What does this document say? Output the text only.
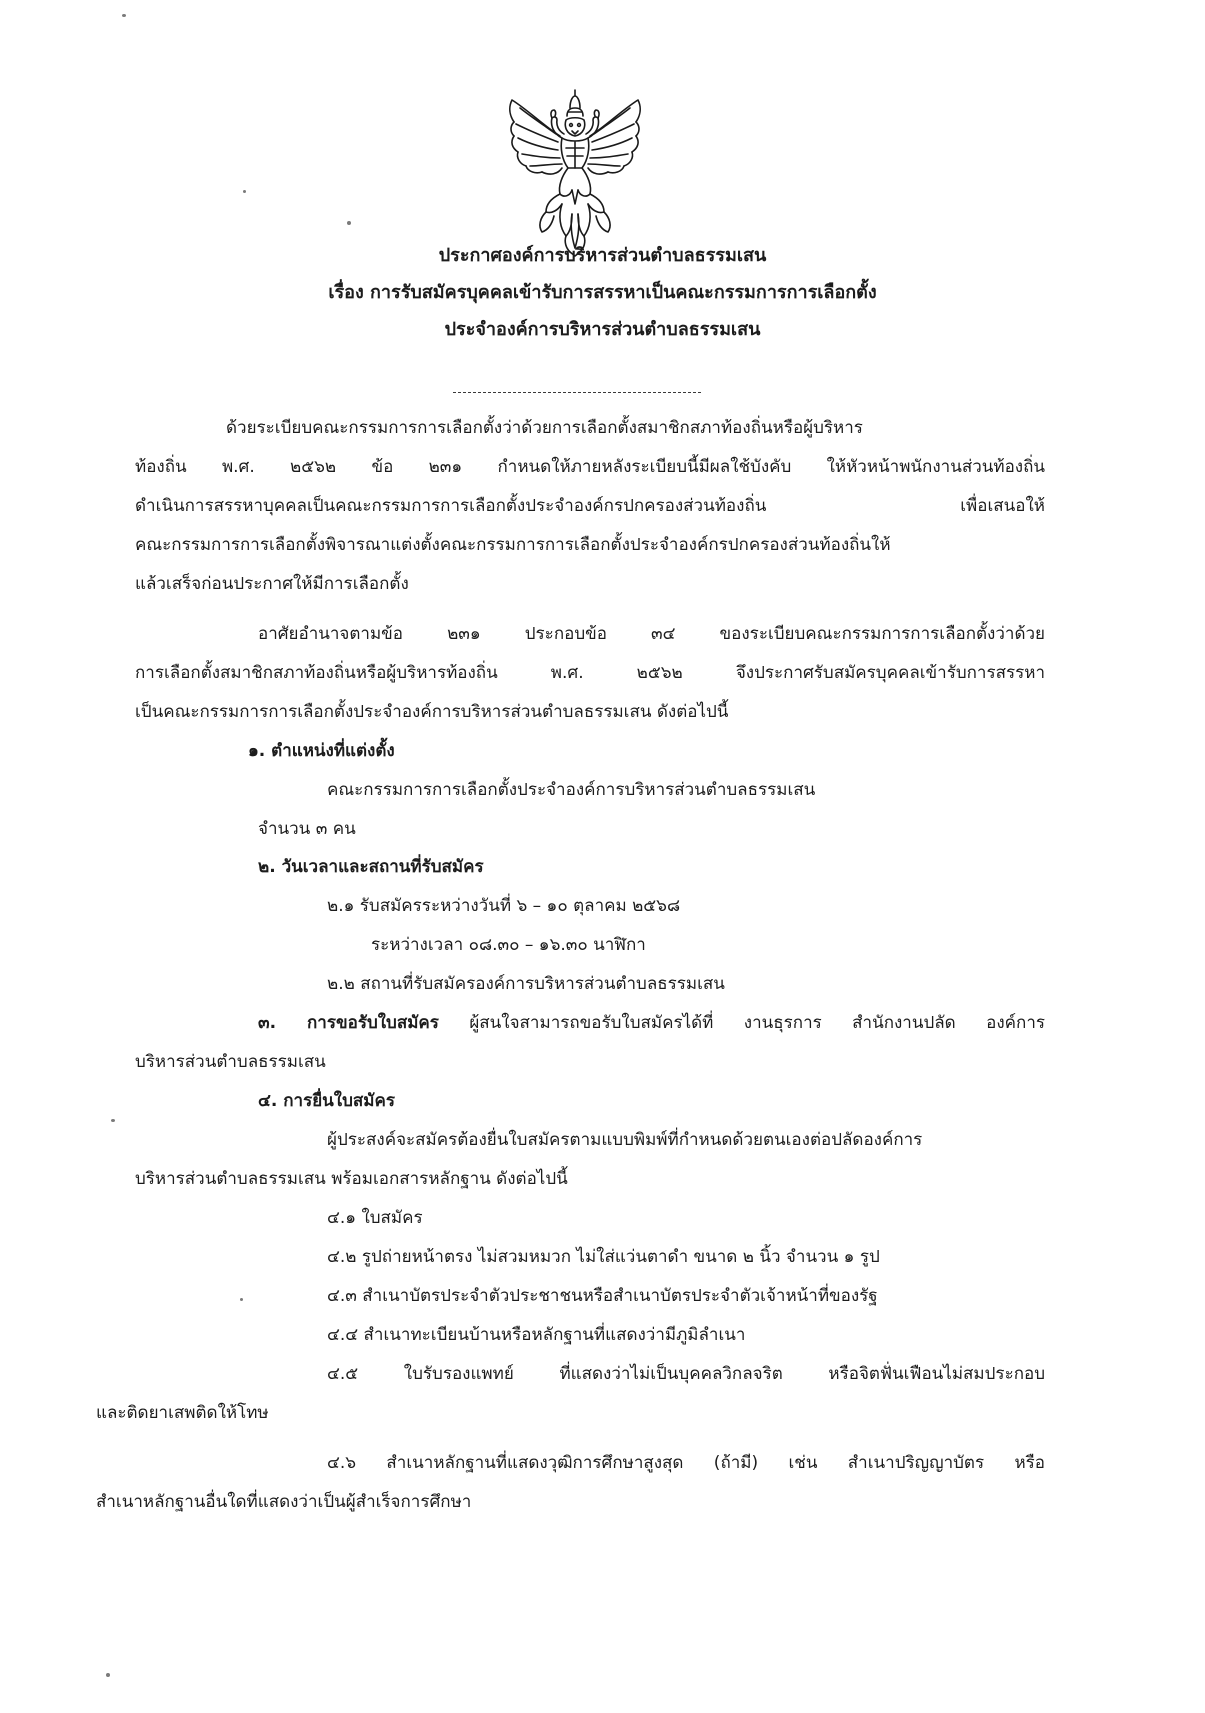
ประกาศองค์การบริหารส่วนตำบลธรรมเสน
เรื่อง การรับสมัครบุคคลเข้ารับการสรรหาเป็นคณะกรรมการการเลือกตั้ง
ประจำองค์การบริหารส่วนตำบลธรรมเสน
ด้วยระเบียบคณะกรรมการการเลือกตั้งว่าด้วยการเลือกตั้งสมาชิกสภาท้องถิ่นหรือผู้บริหาร
ท้องถิ่น พ.ศ. ๒๕๖๒ ข้อ ๒๓๑ กำหนดให้ภายหลังระเบียบนี้มีผลใช้บังคับ ให้หัวหน้าพนักงานส่วนท้องถิ่น
ดำเนินการสรรหาบุคคลเป็นคณะกรรมการการเลือกตั้งประจำองค์กรปกครองส่วนท้องถิ่น เพื่อเสนอให้
คณะกรรมการการเลือกตั้งพิจารณาแต่งตั้งคณะกรรมการการเลือกตั้งประจำองค์กรปกครองส่วนท้องถิ่นให้
แล้วเสร็จก่อนประกาศให้มีการเลือกตั้ง
อาศัยอำนาจตามข้อ ๒๓๑ ประกอบข้อ ๓๔ ของระเบียบคณะกรรมการการเลือกตั้งว่าด้วย
การเลือกตั้งสมาชิกสภาท้องถิ่นหรือผู้บริหารท้องถิ่น พ.ศ. ๒๕๖๒ จึงประกาศรับสมัครบุคคลเข้ารับการสรรหา
เป็นคณะกรรมการการเลือกตั้งประจำองค์การบริหารส่วนตำบลธรรมเสน ดังต่อไปนี้
๑. ตำแหน่งที่แต่งตั้ง
คณะกรรมการการเลือกตั้งประจำองค์การบริหารส่วนตำบลธรรมเสน
จำนวน ๓ คน
๒. วันเวลาและสถานที่รับสมัคร
๒.๑ รับสมัครระหว่างวันที่ ๖ – ๑๐ ตุลาคม ๒๕๖๘
ระหว่างเวลา ๐๘.๓๐ – ๑๖.๓๐ นาฬิกา
๒.๒ สถานที่รับสมัครองค์การบริหารส่วนตำบลธรรมเสน
๓. การขอรับใบสมัคร ผู้สนใจสามารถขอรับใบสมัครได้ที่ งานธุรการ สำนักงานปลัด องค์การ
บริหารส่วนตำบลธรรมเสน
๔. การยื่นใบสมัคร
ผู้ประสงค์จะสมัครต้องยื่นใบสมัครตามแบบพิมพ์ที่กำหนดด้วยตนเองต่อปลัดองค์การ
บริหารส่วนตำบลธรรมเสน พร้อมเอกสารหลักฐาน ดังต่อไปนี้
๔.๑ ใบสมัคร
๔.๒ รูปถ่ายหน้าตรง ไม่สวมหมวก ไม่ใส่แว่นตาดำ ขนาด ๒ นิ้ว จำนวน ๑ รูป
๔.๓ สำเนาบัตรประจำตัวประชาชนหรือสำเนาบัตรประจำตัวเจ้าหน้าที่ของรัฐ
๔.๔ สำเนาทะเบียนบ้านหรือหลักฐานที่แสดงว่ามีภูมิลำเนา
๔.๕ ใบรับรองแพทย์ ที่แสดงว่าไม่เป็นบุคคลวิกลจริต หรือจิตฟั่นเฟือนไม่สมประกอบ
และติดยาเสพติดให้โทษ
๔.๖ สำเนาหลักฐานที่แสดงวุฒิการศึกษาสูงสุด (ถ้ามี) เช่น สำเนาปริญญาบัตร หรือ
สำเนาหลักฐานอื่นใดที่แสดงว่าเป็นผู้สำเร็จการศึกษา
